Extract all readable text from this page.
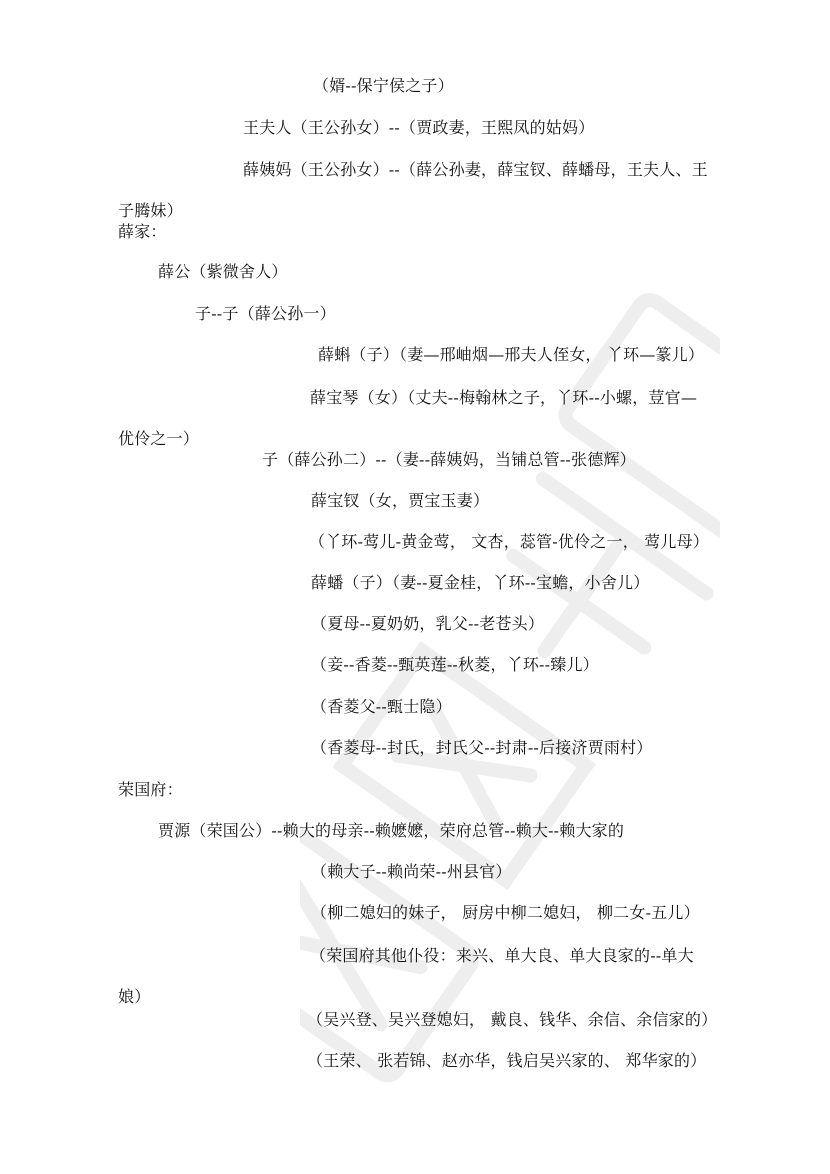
（婿--保宁侯之子）
王夫人（王公孙女）--（贾政妻，王熙凤的姑妈）
薛姨妈（王公孙女）--（薛公孙妻，薛宝钗、薛蟠母，王夫人、王子腾妹）
薛家：
薛公（紫微舍人）
子--子（薛公孙一）
薛蝌（子）（妻—邢岫烟—邢夫人侄女， 丫环—篆儿）
薛宝琴（女）（丈夫--梅翰林之子，丫环--小螺，荳官—优伶之一）
子（薛公孙二）--（妻--薛姨妈，当铺总管--张德辉）
薛宝钗（女，贾宝玉妻）
（丫环-莺儿-黄金莺， 文杏，蕊管-优伶之一， 莺儿母）
薛蟠（子）（妻--夏金桂，丫环--宝蟾，小舍儿）
（夏母--夏奶奶，乳父--老苍头）
（妾--香菱--甄英莲--秋菱，丫环--臻儿）
（香菱父--甄士隐）
（香菱母--封氏，封氏父--封肃--后接济贾雨村）
荣国府：
贾源（荣国公）--赖大的母亲--赖嬷嬷，荣府总管--赖大--赖大家的
（赖大子--赖尚荣--州县官）
（柳二媳妇的妹子， 厨房中柳二媳妇， 柳二女-五儿）
（荣国府其他仆役：来兴、单大良、单大良家的--单大娘）
（吴兴登、吴兴登媳妇， 戴良、钱华、余信、余信家的）
（王荣、 张若锦、赵亦华，钱启吴兴家的、 郑华家的）
